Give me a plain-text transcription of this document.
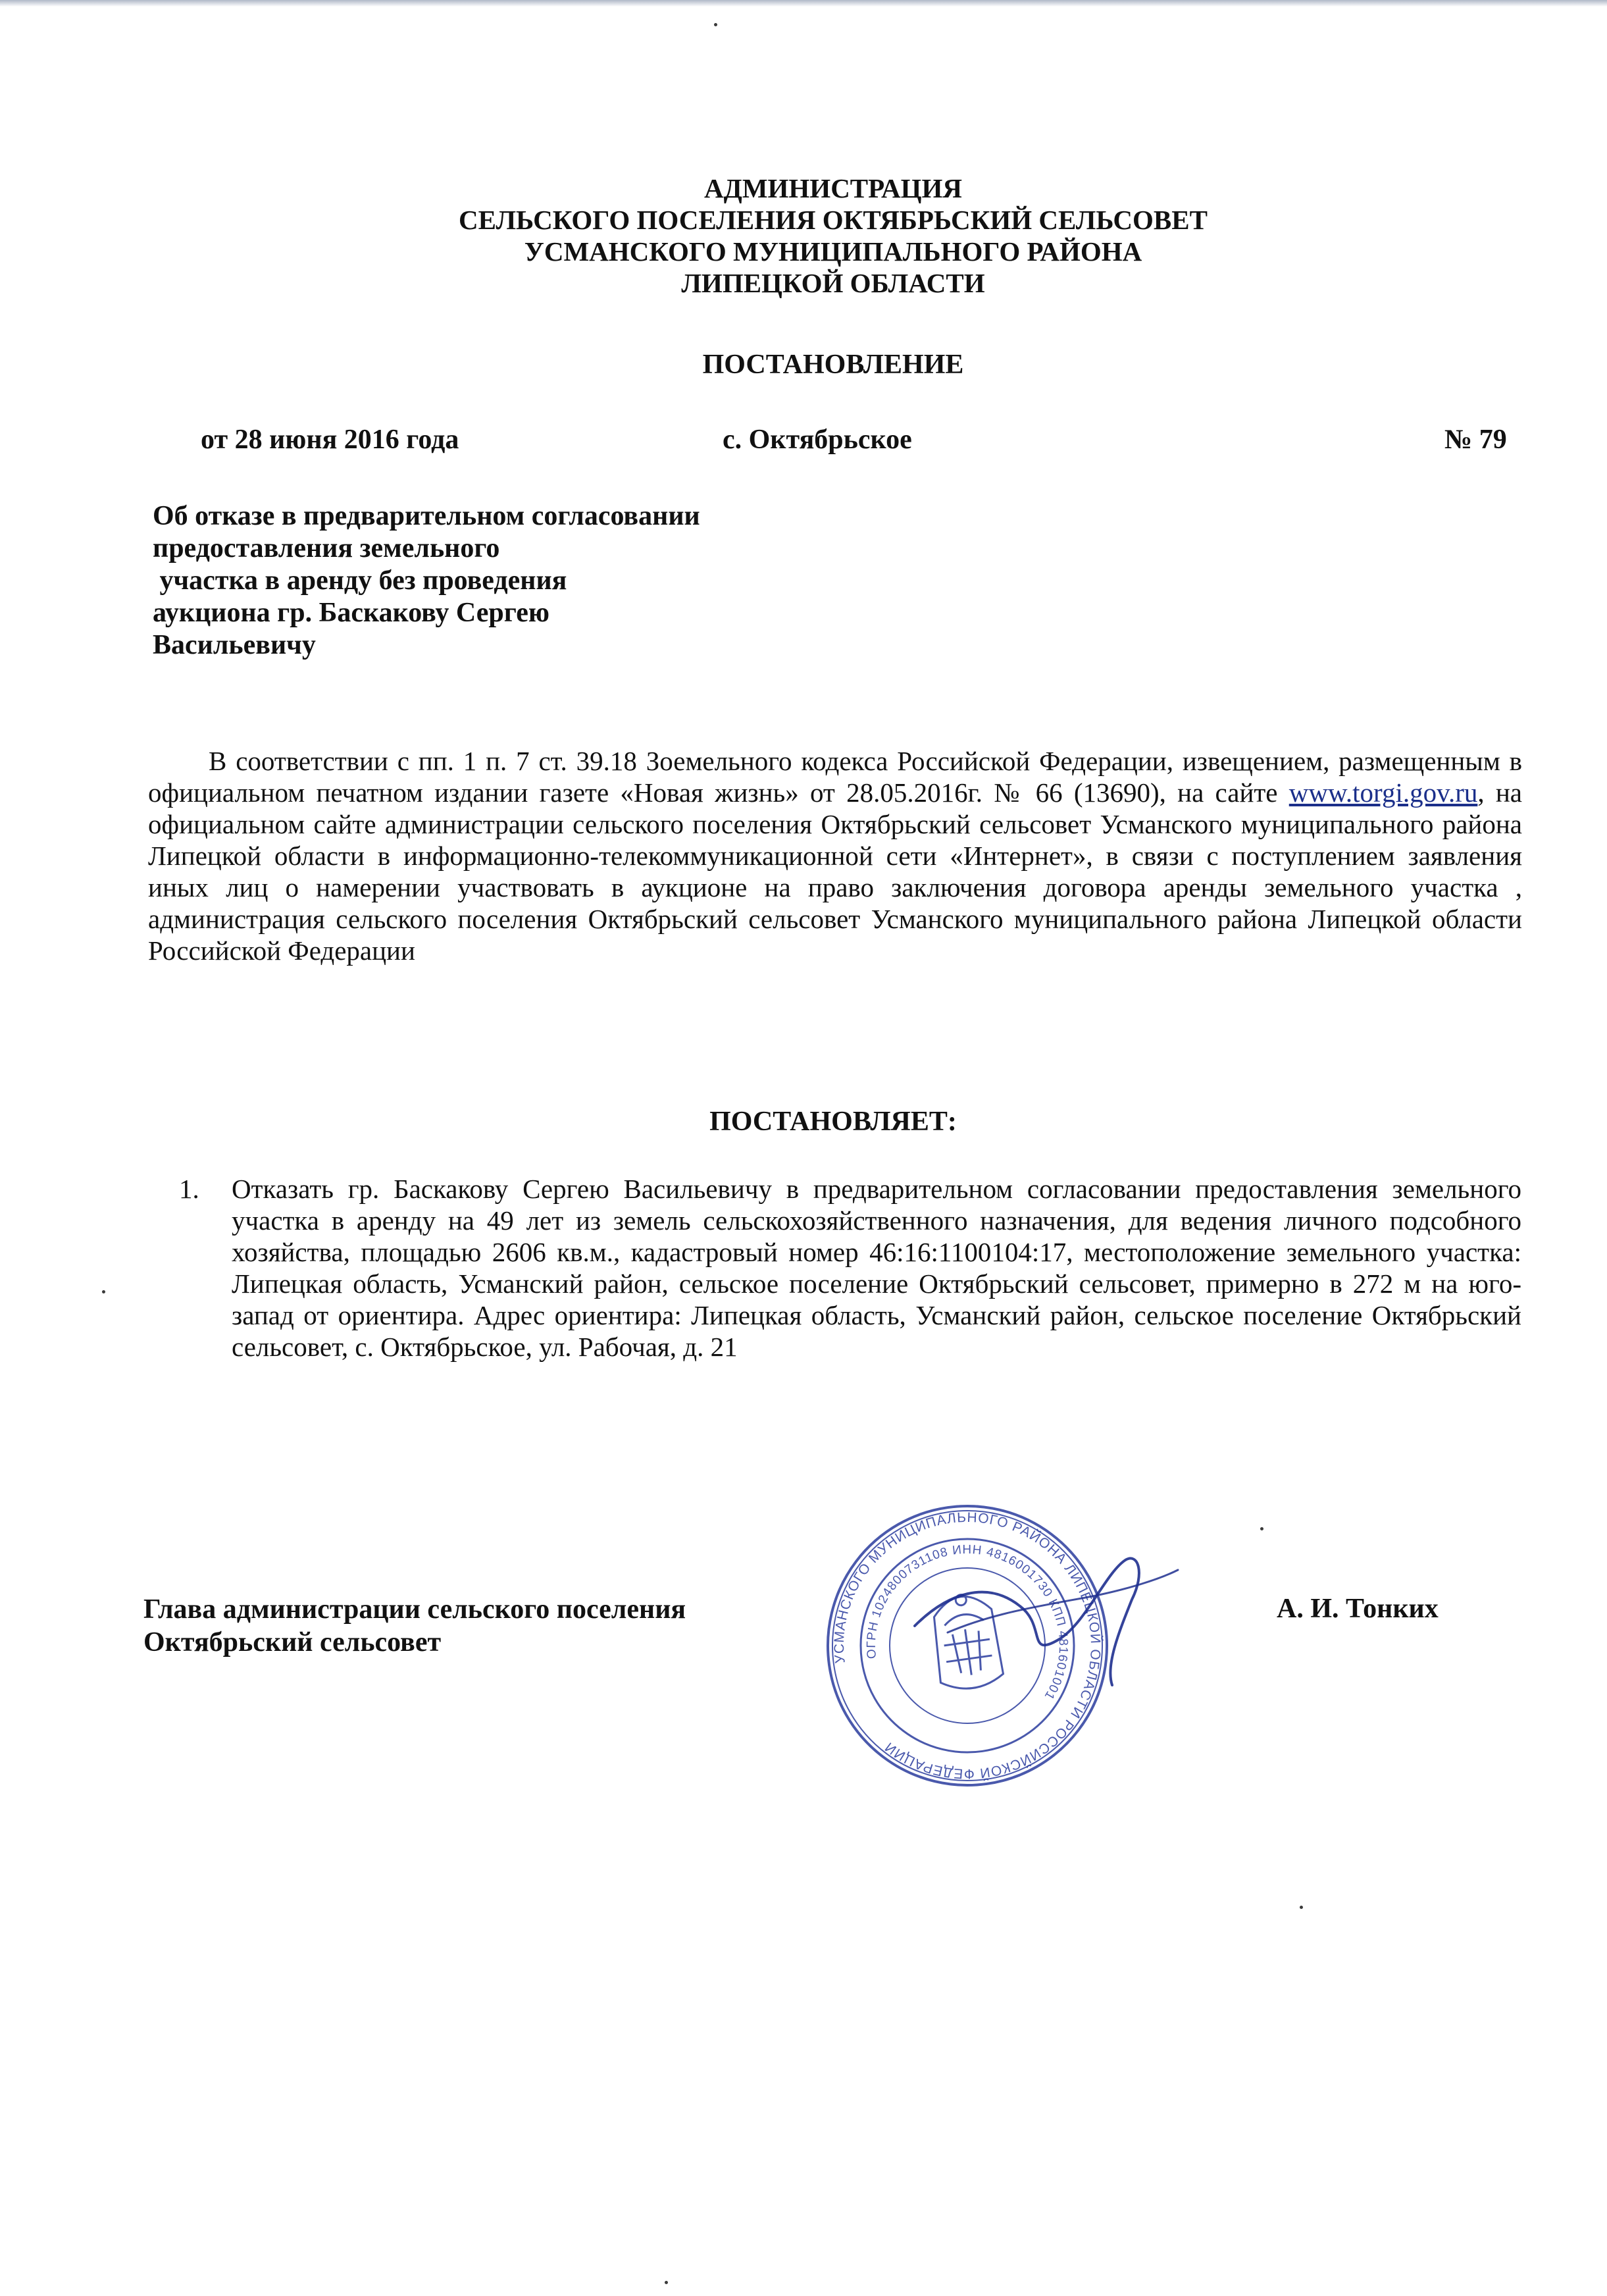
АДМИНИСТРАЦИЯ
СЕЛЬСКОГО ПОСЕЛЕНИЯ ОКТЯБРЬСКИЙ СЕЛЬСОВЕТ
УСМАНСКОГО МУНИЦИПАЛЬНОГО РАЙОНА
ЛИПЕЦКОЙ ОБЛАСТИ
ПОСТАНОВЛЕНИЕ
от 28 июня 2016 года	с. Октябрьское	№ 79
Об отказе в предварительном согласовании
предоставления земельного
участка в аренду без проведения
аукциона гр. Баскакову Сергею
Васильевичу
В соответствии с пп. 1 п. 7 ст. 39.18 Зоемельного кодекса Российской Федерации, извещением, размещенным в официальном печатном издании газете «Новая жизнь» от 28.05.2016г. № 66 (13690), на сайте www.torgi.gov.ru, на официальном сайте администрации сельского поселения Октябрьский сельсовет Усманского муниципального района Липецкой области в информационно-телекоммуникационной сети «Интернет», в связи с поступлением заявления иных лиц о намерении участвовать в аукционе на право заключения договора аренды земельного участка , администрация сельского поселения Октябрьский сельсовет Усманского муниципального района Липецкой области Российской Федерации
ПОСТАНОВЛЯЕТ:
1. Отказать гр. Баскакову Сергею Васильевичу в предварительном согласовании предоставления земельного участка в аренду на 49 лет из земель сельскохозяйственного назначения, для ведения личного подсобного хозяйства, площадью 2606 кв.м., кадастровый номер 46:16:1100104:17, местоположение земельного участка: Липецкая область, Усманский район, сельское поселение Октябрьский сельсовет, примерно в 272 м на юго-запад от ориентира. Адрес ориентира: Липецкая область, Усманский район, сельское поселение Октябрьский сельсовет, с. Октябрьское, ул. Рабочая, д. 21
Глава администрации сельского поселения
Октябрьский сельсовет
А. И. Тонких
УСМАНСКОГО МУНИЦИПАЛЬНОГО РАЙОНА ЛИПЕЦКОЙ ОБЛАСТИ РОССИЙСКОЙ ФЕДЕРАЦИИ
ОГРН 1024800731108 ИНН 4816001730 КПП 481601001
